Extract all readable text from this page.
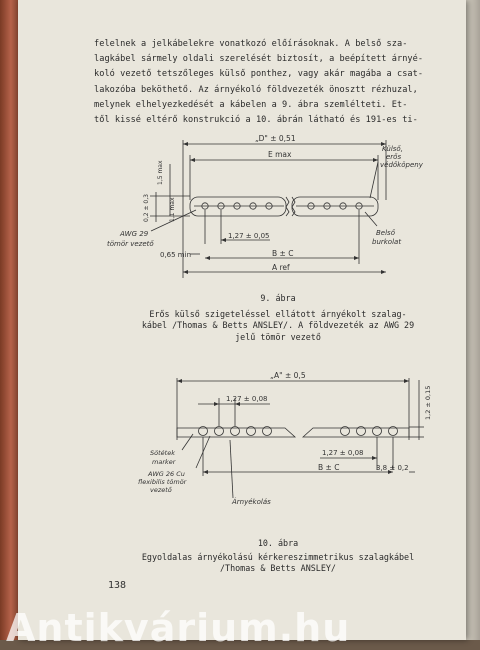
felelnek a jelkábelekre vonatkozó előírásoknak. A belső sza-
lagkábel sármely oldali szerelését biztosít, a beépített árnyé-
koló vezető tetszőleges külső ponthez, vagy akár magába a csat-
lakozóba beköthető. Az árnyékoló földvezeték önosztt rézhuzal,
melynek elhelyezkedését a kábelen a 9. ábra szemlélteti. Et-
től kissé eltérő konstrukció a 10. ábrán látható és 191-es ti-
„D" ± 0,51
E max
1,5 max
1,1 max
0,2 ± 0,3
1,27 ± 0,05
0,65 min	B ± C
A ref
AWG 29
tömör vezető
Külső,
erős
védőköpeny
Belső
burkolat
9. ábra
Erős külső szigeteléssel ellátott árnyékolt szalag-
kábel /Thomas & Betts ANSLEY/. A földvezeték az AWG 29
jelű tömör vezető
„A" ± 0,5
1,2 ± 0,15
1,27 ± 0,08
1,27 ± 0,08
B ± C	3,8 ± 0,2
Sötétek
marker
AWG 26 Cu
flexibilis tömör
vezető
Árnyékolás
10. ábra
Egyoldalas árnyékolású kérkereszimmetrikus szalagkábel
/Thomas & Betts ANSLEY/
138
Antikvárium.hu
